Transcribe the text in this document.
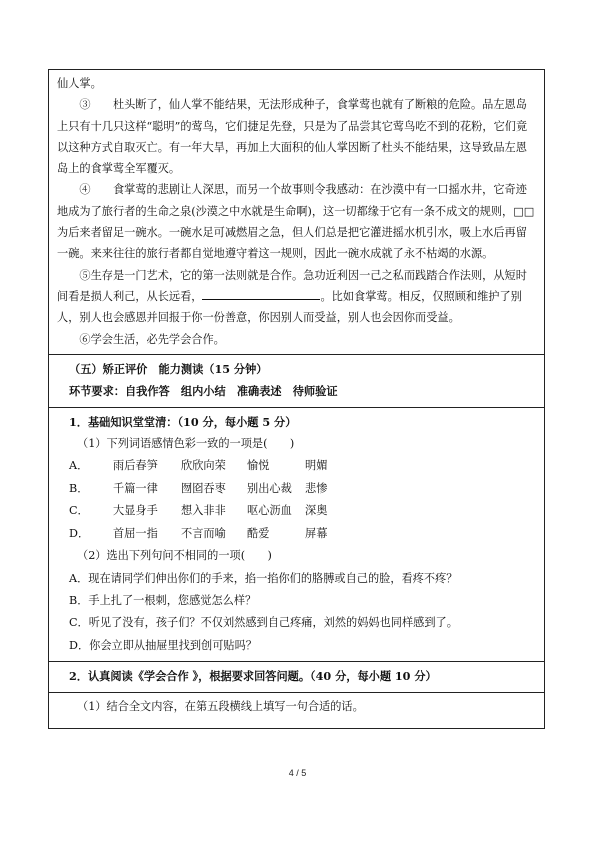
仙人掌。

③　　杜头断了，仙人掌不能结果，无法形成种子，食掌莺也就有了断粮的危险。品左恩岛上只有十几只这样“聪明”的莺鸟，它们捷足先登，只是为了品尝其它莺鸟吃不到的花粉，它们竟以这种方式自取灭亡。有一年大旱，再加上大面积的仙人掌因断了杜头不能结果，这导致品左恩岛上的食掌莺全军覆灭。

④　　食掌莺的悲剧让人深思，而另一个故事则令我感动：在沙漠中有一口摇水井，它奇迹地成为了旅行者的生命之泉(沙漠之中水就是生命啊)，这一切都缘于它有一条不成文的规则，□□为后来者留足一碗水。一碗水足可减燃眉之急，但人们总是把它灌进摇水机引水，吸上水后再留一碗。来来往往的旅行者都自觉地遵守着这一规则，因此一碗水成就了永不枯竭的水源。

⑤生存是一门艺术，它的第一法则就是合作。急功近利因一己之私而践踏合作法则，从短时间看是损人利己，从长远看，	。比如食掌莺。相反，仅照顾和维护了别人，别人也会感恩并回报于你一份善意，你因别人而受益，别人也会因你而受益。

⑥学会生活，必先学会合作。

（五）矫正评价　能力测读（15 分钟）

环节要求：自我作答　组内小结　准确表述　待师验证

1．基础知识堂堂清：（10 分，每小题 5 分）

（1）下列词语感情色彩一致的一项是(　　)

A．	雨后春笋	欣欣向荣	愉悦	明媚
B．	千篇一律	囫囵吞枣	别出心裁	悲惨
C．	大显身手	想入非非	呕心沥血	深奥
D．	首屈一指	不言而喻	酷爱	屏幕

（2）选出下列句问不相同的一项(　　)

A．现在请同学们伸出你们的手来，掐一掐你们的胳膊或自己的脸，看疼不疼？

B．手上扎了一根刺，您感觉怎么样？

C．听见了没有，孩子们？不仅刘然感到自己疼痛，刘然的妈妈也同样感到了。

D．你会立即从抽屉里找到创可贴吗？

2．认真阅读《学会合作 》，根据要求回答问题。（40 分，每小题 10 分）

（1）结合全文内容，在第五段横线上填写一句合适的话。

4 / 5
